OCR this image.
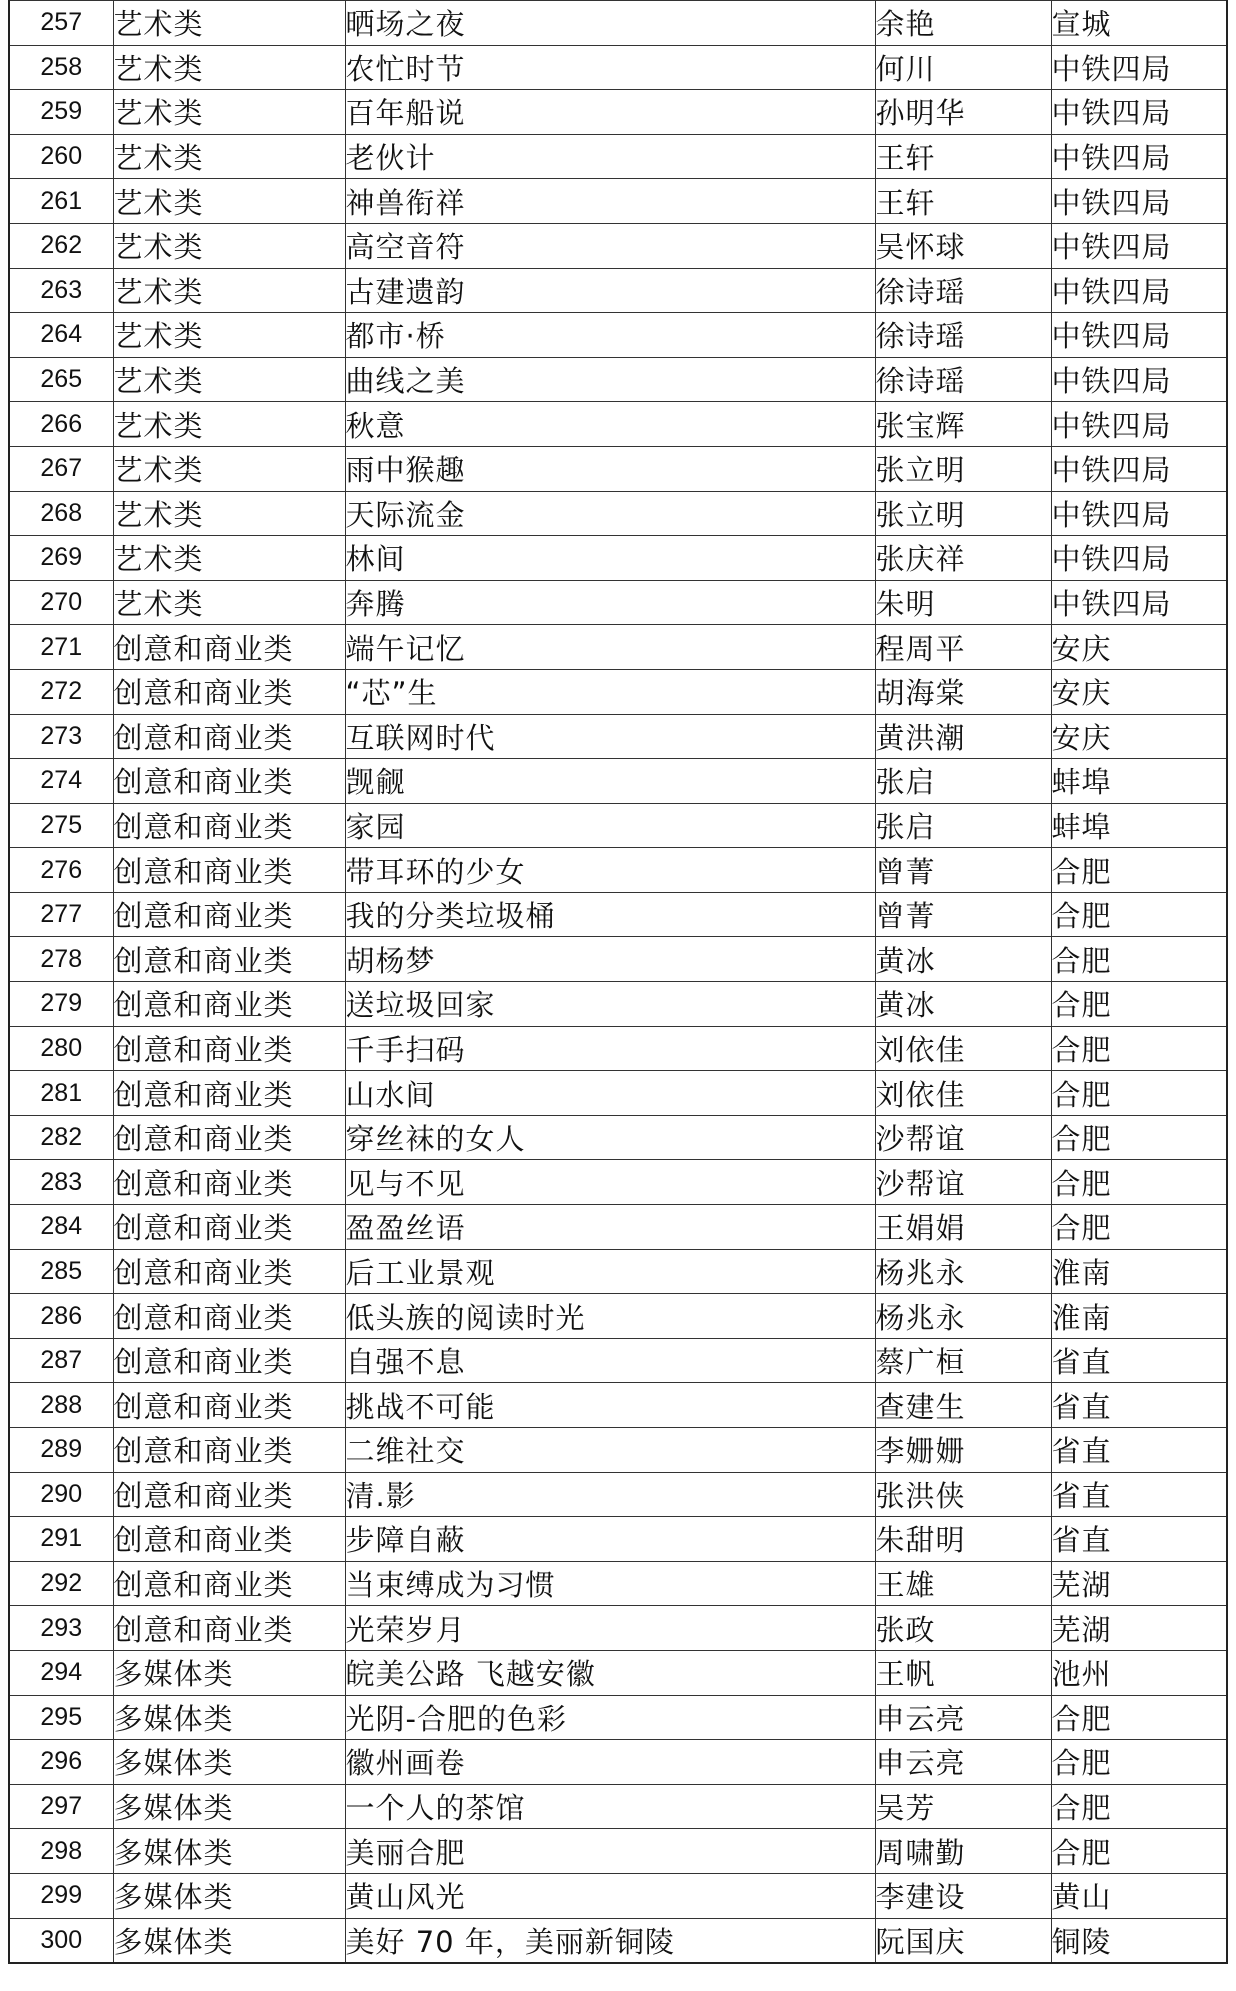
257	艺术类	晒场之夜	余艳	宣城
258	艺术类	农忙时节	何川	中铁四局
259	艺术类	百年船说	孙明华	中铁四局
260	艺术类	老伙计	王轩	中铁四局
261	艺术类	神兽衔祥	王轩	中铁四局
262	艺术类	高空音符	吴怀球	中铁四局
263	艺术类	古建遗韵	徐诗瑶	中铁四局
264	艺术类	都市·桥	徐诗瑶	中铁四局
265	艺术类	曲线之美	徐诗瑶	中铁四局
266	艺术类	秋意	张宝辉	中铁四局
267	艺术类	雨中猴趣	张立明	中铁四局
268	艺术类	天际流金	张立明	中铁四局
269	艺术类	林间	张庆祥	中铁四局
270	艺术类	奔腾	朱明	中铁四局
271	创意和商业类	端午记忆	程周平	安庆
272	创意和商业类	“芯”生	胡海棠	安庆
273	创意和商业类	互联网时代	黄洪潮	安庆
274	创意和商业类	觊觎	张启	蚌埠
275	创意和商业类	家园	张启	蚌埠
276	创意和商业类	带耳环的少女	曾菁	合肥
277	创意和商业类	我的分类垃圾桶	曾菁	合肥
278	创意和商业类	胡杨梦	黄冰	合肥
279	创意和商业类	送垃圾回家	黄冰	合肥
280	创意和商业类	千手扫码	刘依佳	合肥
281	创意和商业类	山水间	刘依佳	合肥
282	创意和商业类	穿丝袜的女人	沙帮谊	合肥
283	创意和商业类	见与不见	沙帮谊	合肥
284	创意和商业类	盈盈丝语	王娟娟	合肥
285	创意和商业类	后工业景观	杨兆永	淮南
286	创意和商业类	低头族的阅读时光	杨兆永	淮南
287	创意和商业类	自强不息	蔡广桓	省直
288	创意和商业类	挑战不可能	查建生	省直
289	创意和商业类	二维社交	李姗姗	省直
290	创意和商业类	清.影	张洪侠	省直
291	创意和商业类	步障自蔽	朱甜明	省直
292	创意和商业类	当束缚成为习惯	王雄	芜湖
293	创意和商业类	光荣岁月	张政	芜湖
294	多媒体类	皖美公路 飞越安徽	王帆	池州
295	多媒体类	光阴-合肥的色彩	申云亮	合肥
296	多媒体类	徽州画卷	申云亮	合肥
297	多媒体类	一个人的茶馆	吴芳	合肥
298	多媒体类	美丽合肥	周啸勤	合肥
299	多媒体类	黄山风光	李建设	黄山
300	多媒体类	美好 70 年，美丽新铜陵	阮国庆	铜陵
